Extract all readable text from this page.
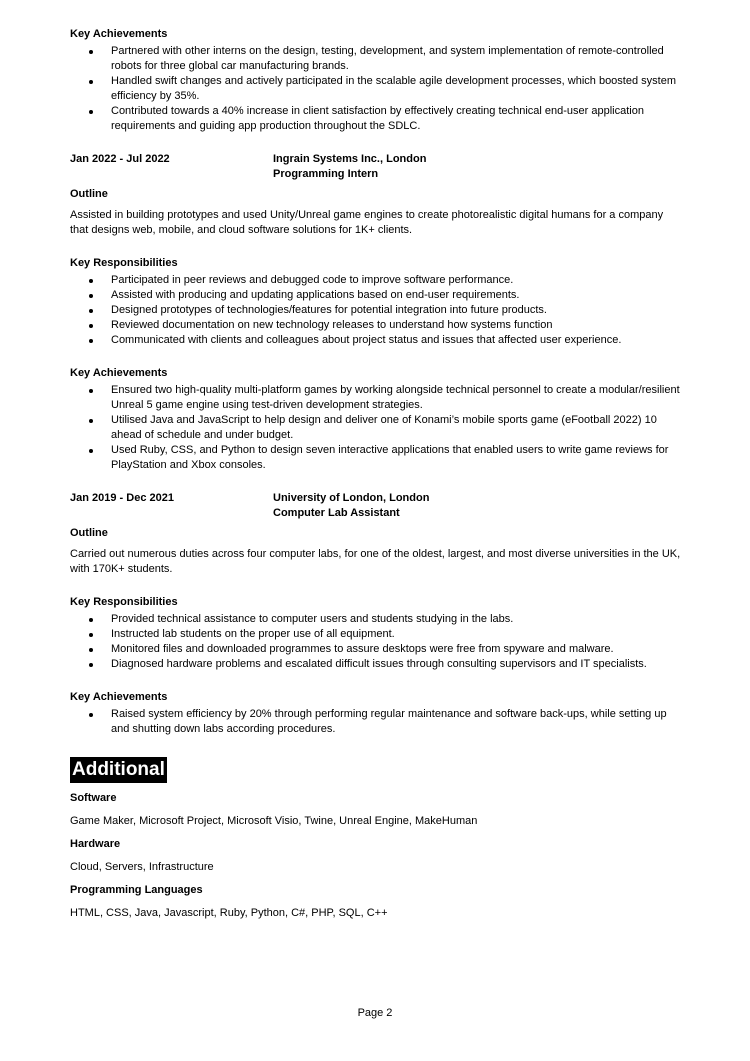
Key Achievements

Partnered with other interns on the design, testing, development, and system implementation of remote-controlled robots for three global car manufacturing brands.
Handled swift changes and actively participated in the scalable agile development processes, which boosted system efficiency by 35%.
Contributed towards a 40% increase in client satisfaction by effectively creating technical end-user application requirements and guiding app production throughout the SDLC.
Jan 2022 - Jul 2022	Ingrain Systems Inc., London
Programming Intern

Outline

Assisted in building prototypes and used Unity/Unreal game engines to create photorealistic digital humans for a company that designs web, mobile, and cloud software solutions for 1K+ clients.

Key Responsibilities

Participated in peer reviews and debugged code to improve software performance.
Assisted with producing and updating applications based on end-user requirements.
Designed prototypes of technologies/features for potential integration into future products.
Reviewed documentation on new technology releases to understand how systems function
Communicated with clients and colleagues about project status and issues that affected user experience.

Key Achievements

Ensured two high-quality multi-platform games by working alongside technical personnel to create a modular/resilient Unreal 5 game engine using test-driven development strategies.
Utilised Java and JavaScript to help design and deliver one of Konami’s mobile sports game (eFootball 2022) 10 ahead of schedule and under budget.
Used Ruby, CSS, and Python to design seven interactive applications that enabled users to write game reviews for PlayStation and Xbox consoles.
Jan 2019 - Dec 2021	University of London, London
Computer Lab Assistant

Outline

Carried out numerous duties across four computer labs, for one of the oldest, largest, and most diverse universities in the UK, with 170K+ students.

Key Responsibilities

Provided technical assistance to computer users and students studying in the labs.
Instructed lab students on the proper use of all equipment.
Monitored files and downloaded programmes to assure desktops were free from spyware and malware.
Diagnosed hardware problems and escalated difficult issues through consulting supervisors and IT specialists.

Key Achievements

Raised system efficiency by 20% through performing regular maintenance and software back-ups, while setting up and shutting down labs according procedures.
Additional

Software

Game Maker, Microsoft Project, Microsoft Visio, Twine, Unreal Engine, MakeHuman

Hardware

Cloud, Servers, Infrastructure

Programming Languages

HTML, CSS, Java, Javascript, Ruby, Python, C#, PHP, SQL, C++

Page 2
